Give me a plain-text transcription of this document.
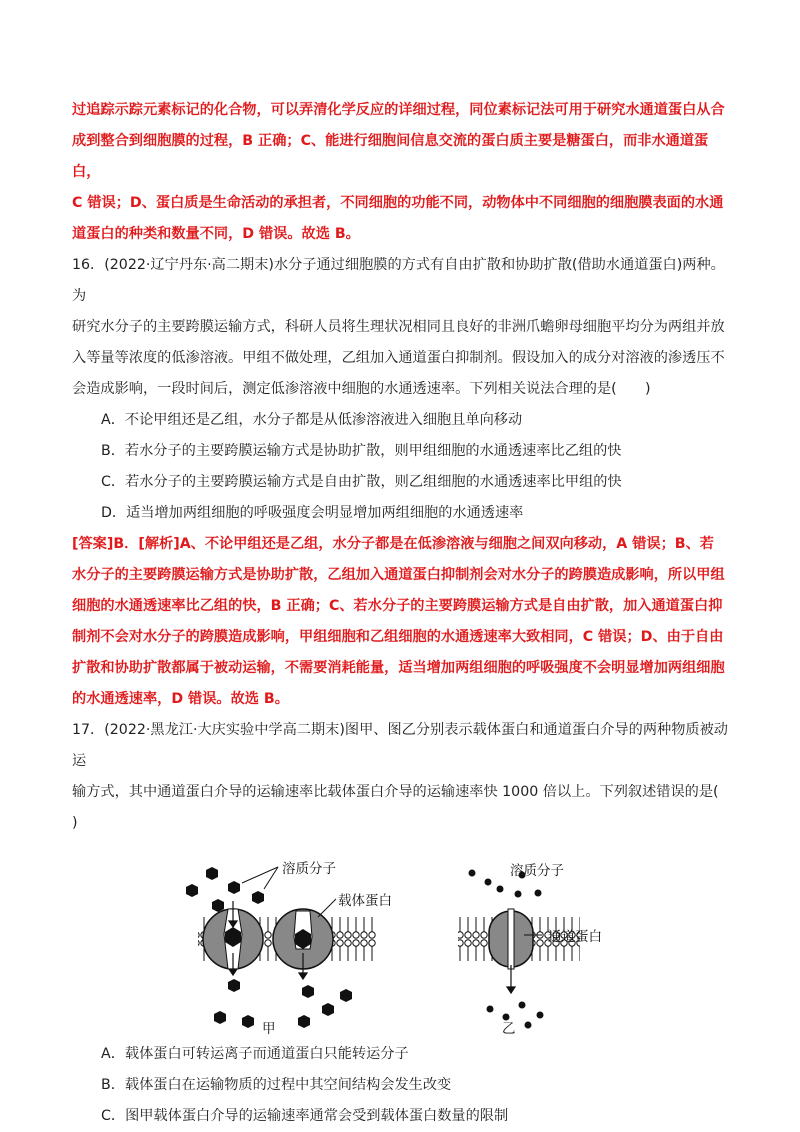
过追踪示踪元素标记的化合物，可以弄清化学反应的详细过程，同位素标记法可用于研究水通道蛋白从合

成到整合到细胞膜的过程，B 正确；C、能进行细胞间信息交流的蛋白质主要是糖蛋白，而非水通道蛋白，

C 错误；D、蛋白质是生命活动的承担者，不同细胞的功能不同，动物体中不同细胞的细胞膜表面的水通

道蛋白的种类和数量不同，D 错误。故选 B。

16．(2022·辽宁丹东·高二期末)水分子通过细胞膜的方式有自由扩散和协助扩散(借助水通道蛋白)两种。为

研究水分子的主要跨膜运输方式，科研人员将生理状况相同且良好的非洲爪蟾卵母细胞平均分为两组并放

入等量等浓度的低渗溶液。甲组不做处理，乙组加入通道蛋白抑制剂。假设加入的成分对溶液的渗透压不

会造成影响，一段时间后，测定低渗溶液中细胞的水通透速率。下列相关说法合理的是(　　)

A．不论甲组还是乙组，水分子都是从低渗溶液进入细胞且单向移动

B．若水分子的主要跨膜运输方式是协助扩散，则甲组细胞的水通透速率比乙组的快

C．若水分子的主要跨膜运输方式是自由扩散，则乙组细胞的水通透速率比甲组的快

D．适当增加两组细胞的呼吸强度会明显增加两组细胞的水通透速率

[答案]B．[解析]A、不论甲组还是乙组，水分子都是在低渗溶液与细胞之间双向移动，A 错误；B、若

水分子的主要跨膜运输方式是协助扩散，乙组加入通道蛋白抑制剂会对水分子的跨膜造成影响，所以甲组

细胞的水通透速率比乙组的快，B 正确；C、若水分子的主要跨膜运输方式是自由扩散，加入通道蛋白抑

制剂不会对水分子的跨膜造成影响，甲组细胞和乙组细胞的水通透速率大致相同，C 错误；D、由于自由

扩散和协助扩散都属于被动运输，不需要消耗能量，适当增加两组细胞的呼吸强度不会明显增加两组细胞

的水通透速率，D 错误。故选 B。

17．(2022·黑龙江·大庆实验中学高二期末)图甲、图乙分别表示载体蛋白和通道蛋白介导的两种物质被动运

输方式，其中通道蛋白介导的运输速率比载体蛋白介导的运输速率快 1000 倍以上。下列叙述错误的是(

)

溶质分子
载体蛋白
甲
溶质分子
通道蛋白
乙

A．载体蛋白可转运离子而通道蛋白只能转运分子

B．载体蛋白在运输物质的过程中其空间结构会发生改变

C．图甲载体蛋白介导的运输速率通常会受到载体蛋白数量的限制
